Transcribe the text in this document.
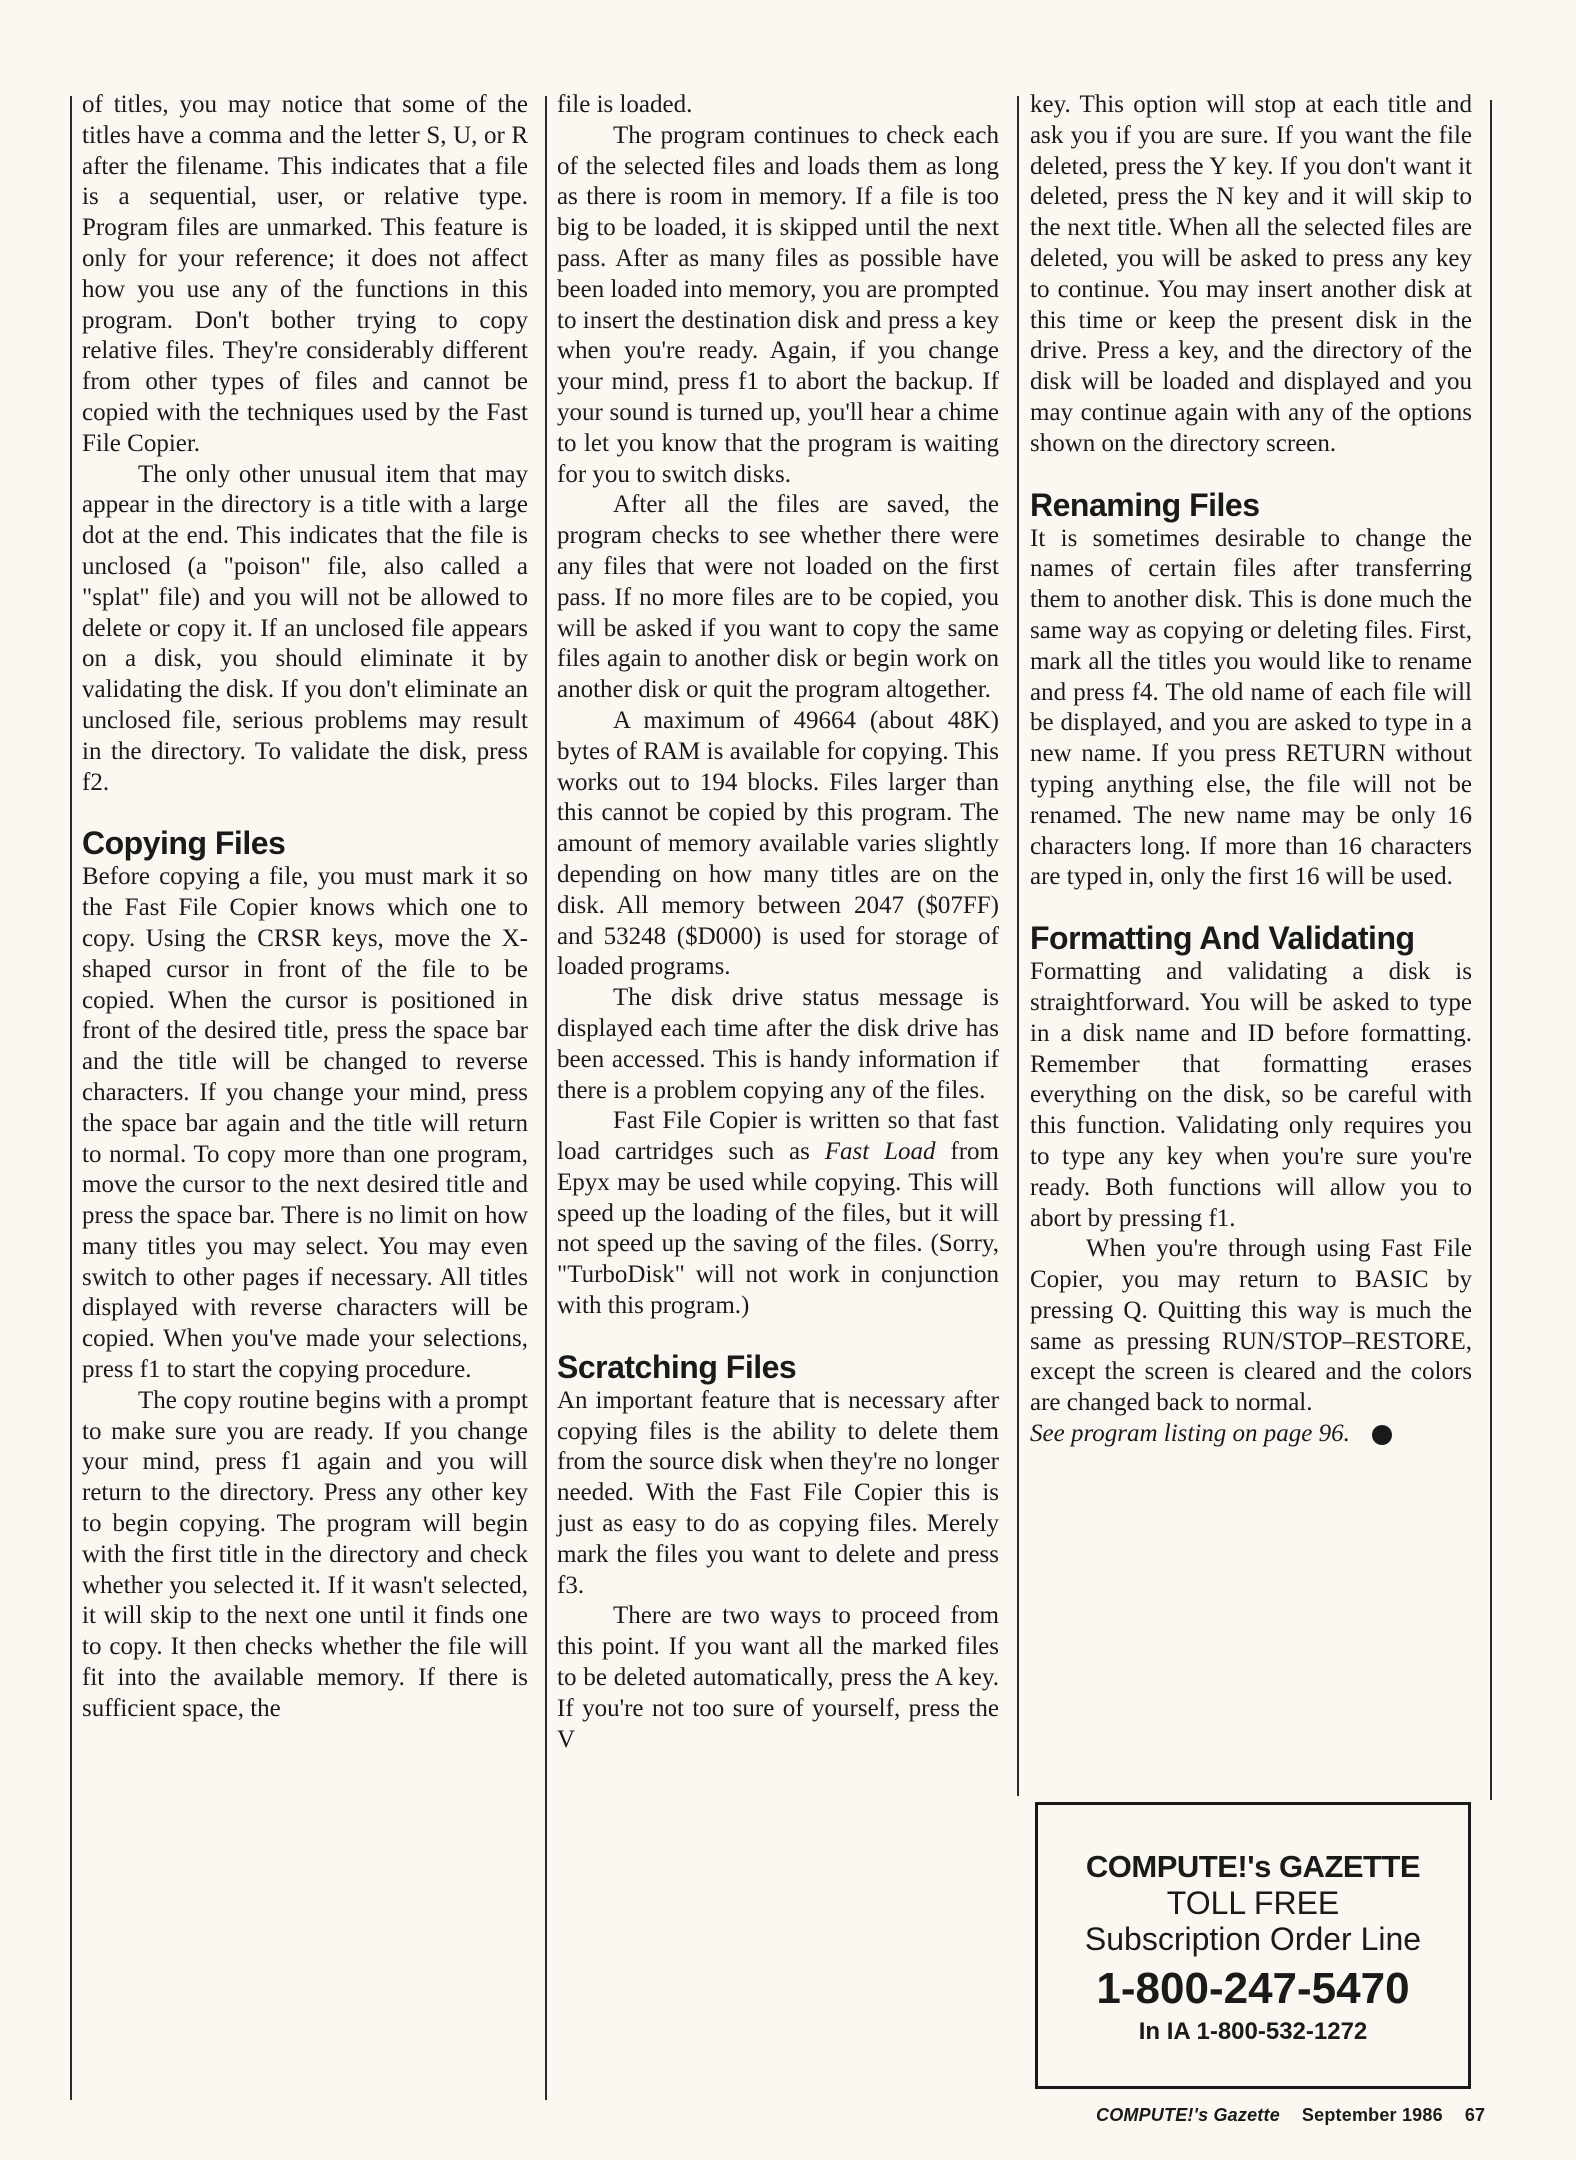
of titles, you may notice that some of the titles have a comma and the letter S, U, or R after the filename. This indicates that a file is a sequential, user, or relative type. Program files are unmarked. This feature is only for your reference; it does not affect how you use any of the functions in this program. Don't bother trying to copy relative files. They're considerably different from other types of files and cannot be copied with the techniques used by the Fast File Copier.

The only other unusual item that may appear in the directory is a title with a large dot at the end. This indicates that the file is unclosed (a "poison" file, also called a "splat" file) and you will not be allowed to delete or copy it. If an unclosed file appears on a disk, you should eliminate it by validating the disk. If you don't eliminate an unclosed file, serious problems may result in the directory. To validate the disk, press f2.

Copying Files

Before copying a file, you must mark it so the Fast File Copier knows which one to copy. Using the CRSR keys, move the X-shaped cursor in front of the file to be copied. When the cursor is positioned in front of the desired title, press the space bar and the title will be changed to reverse characters. If you change your mind, press the space bar again and the title will return to normal. To copy more than one program, move the cursor to the next desired title and press the space bar. There is no limit on how many titles you may select. You may even switch to other pages if necessary. All titles displayed with reverse characters will be copied. When you've made your selections, press f1 to start the copying procedure.

The copy routine begins with a prompt to make sure you are ready. If you change your mind, press f1 again and you will return to the directory. Press any other key to begin copying. The program will begin with the first title in the directory and check whether you selected it. If it wasn't selected, it will skip to the next one until it finds one to copy. It then checks whether the file will fit into the available memory. If there is sufficient space, the

file is loaded.

The program continues to check each of the selected files and loads them as long as there is room in memory. If a file is too big to be loaded, it is skipped until the next pass. After as many files as possible have been loaded into memory, you are prompted to insert the destination disk and press a key when you're ready. Again, if you change your mind, press f1 to abort the backup. If your sound is turned up, you'll hear a chime to let you know that the program is waiting for you to switch disks.

After all the files are saved, the program checks to see whether there were any files that were not loaded on the first pass. If no more files are to be copied, you will be asked if you want to copy the same files again to another disk or begin work on another disk or quit the program altogether.

A maximum of 49664 (about 48K) bytes of RAM is available for copying. This works out to 194 blocks. Files larger than this cannot be copied by this program. The amount of memory available varies slightly depending on how many titles are on the disk. All memory between 2047 ($07FF) and 53248 ($D000) is used for storage of loaded programs.

The disk drive status message is displayed each time after the disk drive has been accessed. This is handy information if there is a problem copying any of the files.

Fast File Copier is written so that fast load cartridges such as Fast Load from Epyx may be used while copying. This will speed up the loading of the files, but it will not speed up the saving of the files. (Sorry, "TurboDisk" will not work in conjunction with this program.)

Scratching Files

An important feature that is necessary after copying files is the ability to delete them from the source disk when they're no longer needed. With the Fast File Copier this is just as easy to do as copying files. Merely mark the files you want to delete and press f3.

There are two ways to proceed from this point. If you want all the marked files to be deleted automatically, press the A key. If you're not too sure of yourself, press the V

key. This option will stop at each title and ask you if you are sure. If you want the file deleted, press the Y key. If you don't want it deleted, press the N key and it will skip to the next title. When all the selected files are deleted, you will be asked to press any key to continue. You may insert another disk at this time or keep the present disk in the drive. Press a key, and the directory of the disk will be loaded and displayed and you may continue again with any of the options shown on the directory screen.

Renaming Files

It is sometimes desirable to change the names of certain files after transferring them to another disk. This is done much the same way as copying or deleting files. First, mark all the titles you would like to rename and press f4. The old name of each file will be displayed, and you are asked to type in a new name. If you press RETURN without typing anything else, the file will not be renamed. The new name may be only 16 characters long. If more than 16 characters are typed in, only the first 16 will be used.

Formatting And Validating

Formatting and validating a disk is straightforward. You will be asked to type in a disk name and ID before formatting. Remember that formatting erases everything on the disk, so be careful with this function. Validating only requires you to type any key when you're sure you're ready. Both functions will allow you to abort by pressing f1.

When you're through using Fast File Copier, you may return to BASIC by pressing Q. Quitting this way is much the same as pressing RUN/STOP–RESTORE, except the screen is cleared and the colors are changed back to normal.

See program listing on page 96.

COMPUTE!'s GAZETTE
TOLL FREE
Subscription Order Line
1-800-247-5470
In IA 1-800-532-1272
COMPUTE!'s Gazette September 1986 67
